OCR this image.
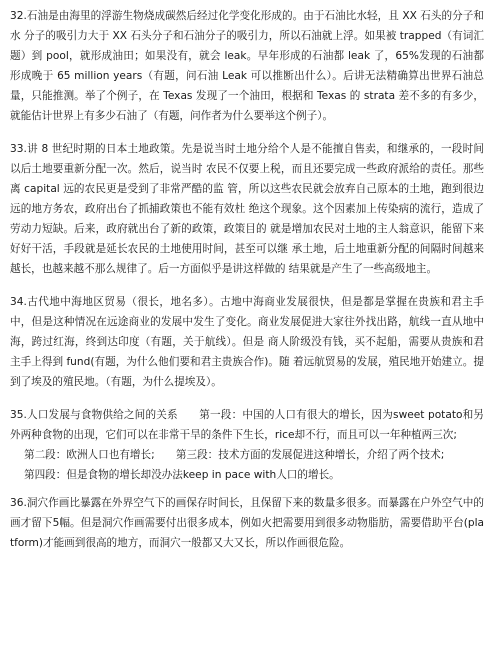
32.石油是由海里的浮游生物烧成碳然后经过化学变化形成的。由于石油比水轻，且 XX 石头的分子和水 分子的吸引力大于 XX 石头分子和石油分子的吸引力，所以石油就上浮。如果被 trapped（有词汇题）到 pool，就形成油田；如果没有，就会 leak。早年形成的石油都 leak 了，65%发现的石油都形成晚于 65 million years（有题，问石油 Leak 可以推断出什么）。后讲无法精确算出世界石油总量，只能推测。举了个例子，在 Texas 发现了一个油田，根据和 Texas 的 strata 差不多的有多少，就能估计世界上有多少石油了（有题，问作者为什么要举这个例子）。

33.讲 8 世纪时期的日本土地政策。先是说当时土地分给个人是不能擅自售卖，和继承的，一段时间以后土地要重新分配一次。然后，说当时 农民不仅要上税，而且还要完成一些政府派给的责任。那些离 capital 远的农民更是受到了非常严酷的监 管，所以这些农民就会放弃自己原本的土地，跑到很边远的地方务农，政府出台了抓捕政策也不能有效杜 绝这个现象。这个因素加上传染病的流行，造成了劳动力短缺。后来，政府就出台了新的政策，政策目的 就是增加农民对土地的主人翁意识，能留下来好好干活，手段就是延长农民的土地使用时间，甚至可以继 承土地，后土地重新分配的间隔时间越来越长，也越来越不那么规律了。后一方面似乎是讲这样做的 结果就是产生了一些高级地主。

34.古代地中海地区贸易（很长，地名多）。古地中海商业发展很快，但是都是掌握在贵族和君主手中，但是这种情况在远途商业的发展中发生了变化。商业发展促进大家往外找出路，航线一直从地中海，跨过红海，终到达印度（有题，关于航线）。但是 商人阶级没有钱，买不起船，需要从贵族和君主手上得到 fund(有题，为什么他们要和君主贵族合作)。随 着远航贸易的发展，殖民地开始建立。提到了埃及的殖民地。（有题，为什么提埃及）。

35.人口发展与食物供给之间的关系　　第一段：中国的人口有很大的增长，因为sweet potato和另外两种食物的出现，它们可以在非常干旱的条件下生长，rice却不行，而且可以一年种植两三次;
第二段：欧洲人口也有增长;　　第三段：技术方面的发展促进这种增长，介绍了两个技术;
第四段：但是食物的增长却没办法keep in pace with人口的增长。

36.洞穴作画比暴露在外界空气下的画保存时间长，且保留下来的数量多很多。而暴露在户外空气中的画才留下5幅。但是洞穴作画需要付出很多成本，例如火把需要用到很多动物脂肪，需要借助平台(platform)才能画到很高的地方，而洞穴一般都又大又长，所以作画很危险。
